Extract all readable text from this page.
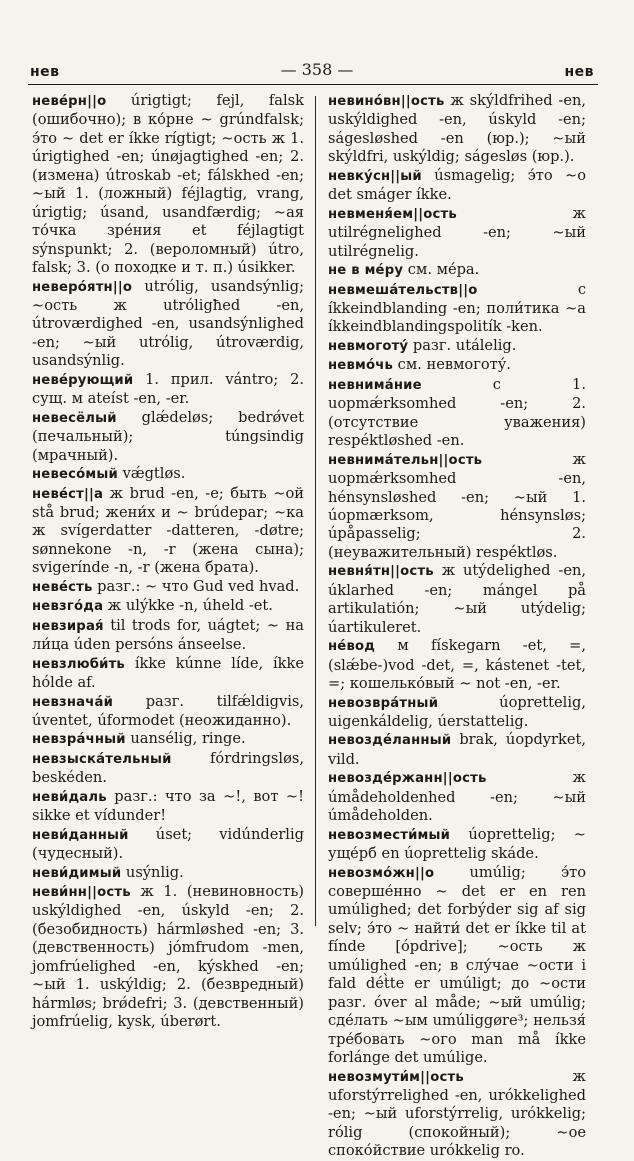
нев	— 358 —	нев

неве́рн||о úrigtigt; fejl, falsk (ошибочно); в ко́рне ∼ grúndfalsk; э́то ∼ det er íkke rígtigt; ∼ость ж 1. úrigtighed -en; únøjagtighed -en; 2. (измена) útroskab -et; fálskhed -en; ∼ый 1. (ложный) féjlagtig, vrang, úrigtig; úsand, usandfærdig; ∼ая то́чка зре́ния et féjlagtigt sýnspunkt; 2. (вероломный) útro, falsk; 3. (о походке и т. п.) úsikker.

неверо́ятн||о utrólig, usandsýnlig; ∼ость ж utróligħed -en, útroværdighed -en, usandsýnlighed -en; ∼ый utrólig, útroværdig, usandsýnlig.

неве́рующий 1. прил. vántro; 2. сущ. м ateíst -en, -er.

невесёлый glǽdeløs; bedrǿvet (печальный); túngsindig (мрачный).

невесо́мый vǽgtløs.

неве́ст||а ж brud -en, -e; быть ∼ой stå brud; жени́х и ∼ brúdepar; ∼ка ж svígerdatter -datteren, -døtre; sønnekone -n, -r (жена сына); svigerínde -n, -r (жена брата).

неве́сть разг.: ∼ что Gud ved hvad.

невзго́да ж ulýkke -n, úheld -et.

невзирая́ til trods for, uágtet; ∼ на ли́ца úden persóns ánseelse.

невзлюби́ть íkke kúnne líde, íkke hólde af.

невзнача́й разг. tilfǽldigvis, úventet, úformodet (неожиданно).

невзра́чный uansélig, ringe.

невзыска́тельный fórdringsløs, beskéden.

неви́даль разг.: что за ∼!, вот ∼! sikke et vídunder!

неви́данный úset; vidúnderlig (чудесный).

неви́димый usýnlig.

неви́нн||ость ж 1. (невиновность) uskýldighed -en, úskyld -en; 2. (безобидность) hármløshed -en; 3. (девственность) jómfrudom -men, jomfrúelighed -en, kýskhed -en; ∼ый 1. uskýldig; 2. (безвредный) hármløs; brǿdefri; 3. (девственный) jomfrúelig, kysk, úberørt.

невино́вн||ость ж skýldfrihed -en, uskýldighed -en, úskyld -en; ságesløshed -en (юр.); ∼ый skýldfri, uskýldig; ságesløs (юр.).

невку́сн||ый úsmagelig; э́то ∼о det smáger íkke.

невменя́ем||ость ж utilrégnelighed -en; ∼ый utilrégnelig.

не в ме́ру см. ме́ра.

невмеша́тельств||о с íkkeindblanding -en; поли́тика ∼а íkkeindblandingspolitík -ken.

невмоготу́ разг. utálelig.

невмо́чь см. невмоготу́.

невнима́ние с 1. uopmǽrksomhed -en; 2. (отсутствие уважения) respéktløshed -en.

невнима́тельн||ость ж uopmǽrksomhed -en, hénsynsløshed -en; ∼ый 1. úopmærksom, hénsynsløs; úpåpasselig; 2. (неуважительный) respéktløs.

невня́тн||ость ж utýdelighed -en, úklarhed -en; mángel på artikulatión; ∼ый utýdelig; úartikuleret.

не́вод м fískegarn -et, =, (slǽbe-)vod -det, =, kástenet -tet, =; кошелько́вый ∼ not -en, -er.

невозвра́тный úoprettelig, uigenkáldelig, úerstattelig.

невозде́ланный brak, úopdyrket, vild.

невозде́ржанн||ость ж úmådeholdenhed -en; ∼ый úmådeholden.

невозмести́мый úoprettelig; ∼ уще́рб en úoprettelig skáde.

невозмо́жн||о umúlig; э́то соверше́нно ∼ det er en ren umúlighed; det forbýder sig af sig selv; э́то ∼ найти́ det er íkke til at fínde [ópdrive]; ∼ость ж umúlighed -en; в слу́чае ∼ости i fald dét̀te er umúligt; до ∼ости разг. óver al måde; ∼ый umúlig; сде́лать ∼ым umúliggøre³; нельзя́ тре́бовать ∼ого man må íkke forlánge det umúlige.

невозмути́м||ость ж uforstýrrelighed -en, urókkelighed -en; ∼ый uforstýrrelig, urókkelig; rólig (спокойный); ∼ое споко́йствие urókkelig ro.
